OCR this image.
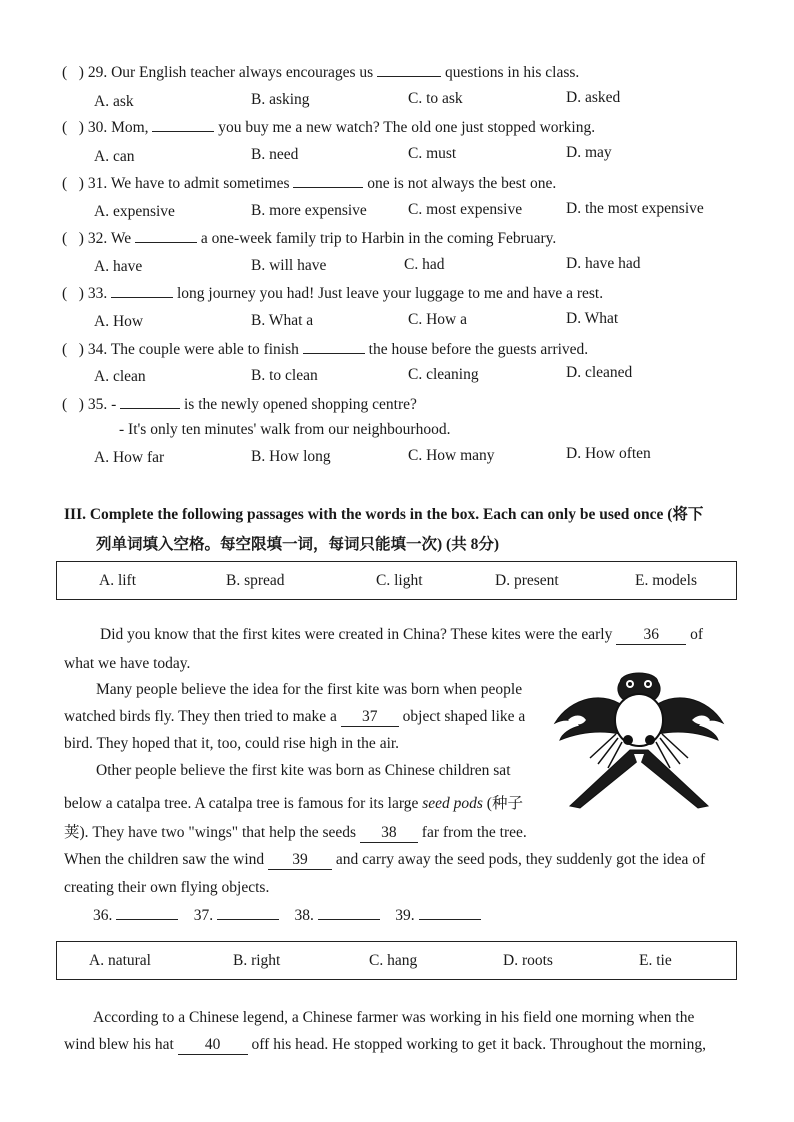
(   ) 29. Our English teacher always encourages us	questions in his class.
A. ask	B. asking	C. to ask	D. asked
(   ) 30. Mom,	you buy me a new watch? The old one just stopped working.
A. can	B. need	C. must	D. may
(   ) 31. We have to admit sometimes	one is not always the best one.
A. expensive	B. more expensive	C. most expensive	D. the most expensive
(   ) 32. We	a one-week family trip to Harbin in the coming February.
A. have	B. will have	C. had	D. have had
(   ) 33.	long journey you had! Just leave your luggage to me and have a rest.
A. How	B. What a	C. How a	D. What
(   ) 34. The couple were able to finish	the house before the guests arrived.
A. clean	B. to clean	C. cleaning	D. cleaned
(   ) 35. -	is the newly opened shopping centre?
- It's only ten minutes' walk from our neighbourhood.
A. How far	B. How long	C. How many	D. How often
III. Complete the following passages with the words in the box. Each can only be used once (将下
列单词填入空格。每空限填一词，每词只能填一次) (共 8分)
A. lift	B. spread	C. light	D. present	E. models
Did you know that the first kites were created in China? These kites were the early 36 of
what we have today.
Many people believe the idea for the first kite was born when people
watched birds fly. They then tried to make a 37 object shaped like a
bird. They hoped that it, too, could rise high in the air.
Other people believe the first kite was born as Chinese children sat
below a catalpa tree. A catalpa tree is famous for its large seed pods (种子
荚). They have two "wings" that help the seeds 38 far from the tree.
When the children saw the wind 39 and carry away the seed pods, they suddenly got the idea of
creating their own flying objects.
36.	37.	38.	39.
A. natural	B. right	C. hang	D. roots	E. tie
According to a Chinese legend, a Chinese farmer was working in his field one morning when the
wind blew his hat 40 off his head. He stopped working to get it back. Throughout the morning,
